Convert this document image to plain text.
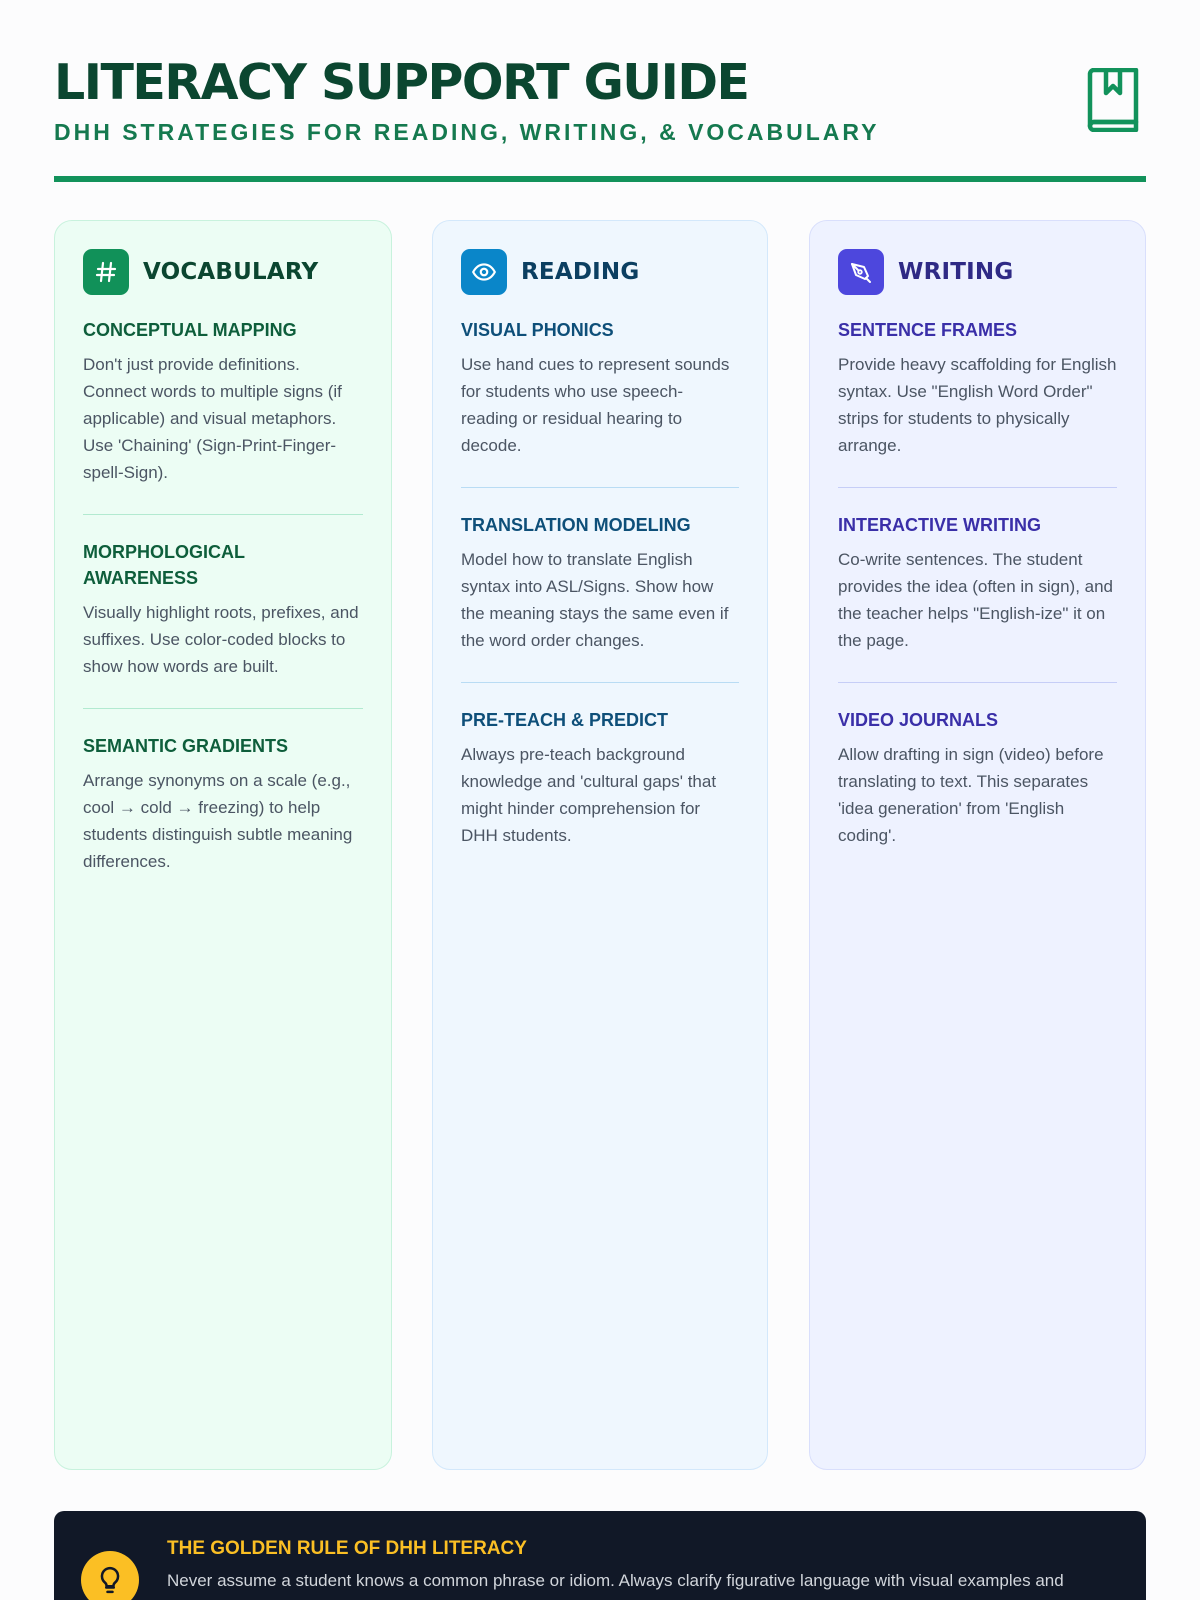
LITERACY SUPPORT GUIDE
DHH STRATEGIES FOR READING, WRITING, & VOCABULARY
VOCABULARY
CONCEPTUAL MAPPING
Don't just provide definitions. Connect words to multiple signs (if applicable) and visual metaphors. Use 'Chaining' (Sign-Print-Finger-spell-Sign).
MORPHOLOGICAL AWARENESS
Visually highlight roots, prefixes, and suffixes. Use color-coded blocks to show how words are built.
SEMANTIC GRADIENTS
Arrange synonyms on a scale (e.g., cool → cold → freezing) to help students distinguish subtle meaning differences.
READING
VISUAL PHONICS
Use hand cues to represent sounds for students who use speech-reading or residual hearing to decode.
TRANSLATION MODELING
Model how to translate English syntax into ASL/Signs. Show how the meaning stays the same even if the word order changes.
PRE-TEACH & PREDICT
Always pre-teach background knowledge and 'cultural gaps' that might hinder comprehension for DHH students.
WRITING
SENTENCE FRAMES
Provide heavy scaffolding for English syntax. Use "English Word Order" strips for students to physically arrange.
INTERACTIVE WRITING
Co-write sentences. The student provides the idea (often in sign), and the teacher helps "English-ize" it on the page.
VIDEO JOURNALS
Allow drafting in sign (video) before translating to text. This separates 'idea generation' from 'English coding'.
THE GOLDEN RULE OF DHH LITERACY
Never assume a student knows a common phrase or idiom. Always clarify figurative language with visual examples and
